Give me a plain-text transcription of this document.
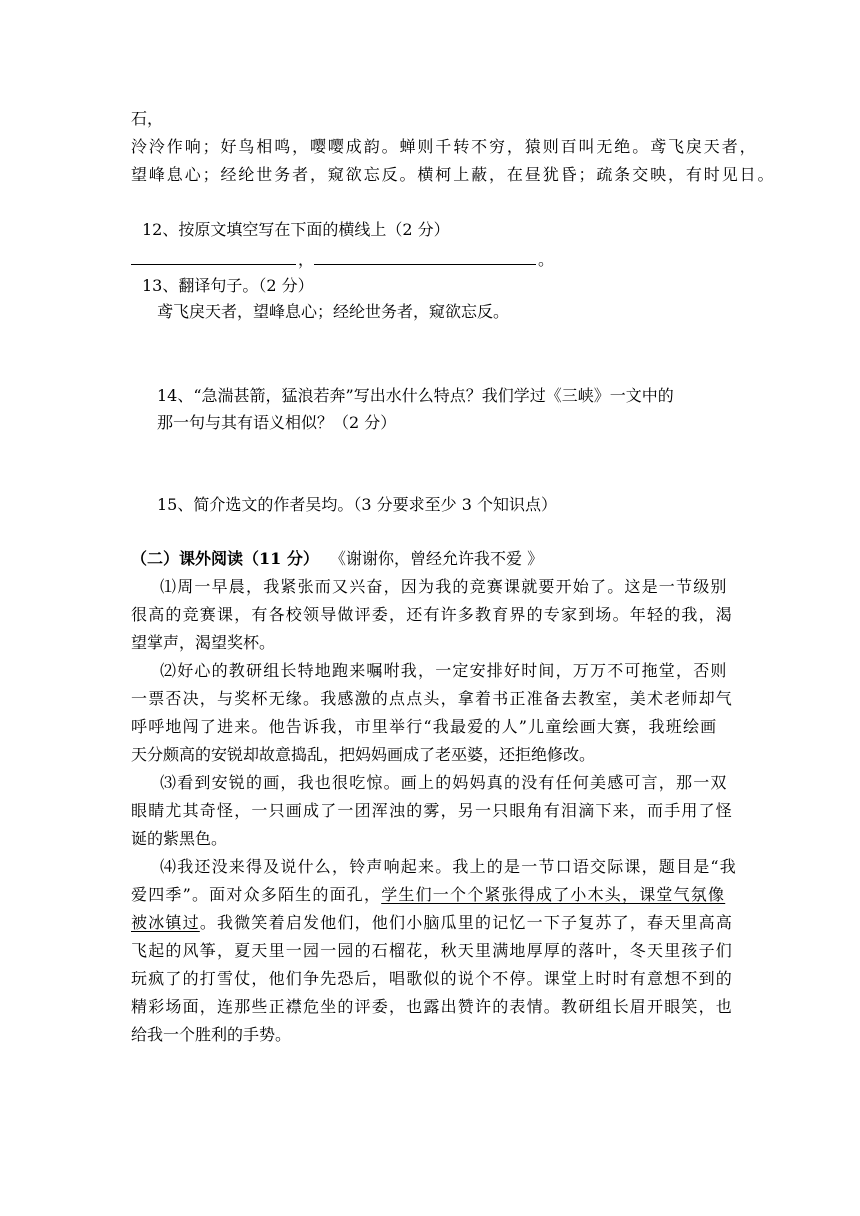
石，
泠泠作响；好鸟相鸣，嘤嘤成韵。蝉则千转不穷，猿则百叫无绝。鸢飞戾天者，
望峰息心；经纶世务者，窥欲忘反。横柯上蔽，在昼犹昏；疏条交映，有时见日。
12、按原文填空写在下面的横线上（2 分）
，	。
13、翻译句子。（2 分）
鸢飞戾天者，望峰息心；经纶世务者，窥欲忘反。
14、“急湍甚箭，猛浪若奔”写出水什么特点？我们学过《三峡》一文中的
那一句与其有语义相似？（2 分）
15、简介选文的作者吴均。（3 分要求至少 3 个知识点）
（二）课外阅读（11 分） 《谢谢你，曾经允许我不爱 》
⑴周一早晨，我紧张而又兴奋，因为我的竞赛课就要开始了。这是一节级别
很高的竞赛课，有各校领导做评委，还有许多教育界的专家到场。年轻的我，渴
望掌声，渴望奖杯。
⑵好心的教研组长特地跑来嘱咐我，一定安排好时间，万万不可拖堂，否则
一票否决，与奖杯无缘。我感激的点点头，拿着书正准备去教室，美术老师却气
呼呼地闯了进来。他告诉我，市里举行“我最爱的人”儿童绘画大赛，我班绘画
天分颇高的安锐却故意捣乱，把妈妈画成了老巫婆，还拒绝修改。
⑶看到安锐的画，我也很吃惊。画上的妈妈真的没有任何美感可言，那一双
眼睛尤其奇怪，一只画成了一团浑浊的雾，另一只眼角有泪滴下来，而手用了怪
诞的紫黑色。
⑷我还没来得及说什么，铃声响起来。我上的是一节口语交际课，题目是“我
爱四季”。面对众多陌生的面孔，学生们一个个紧张得成了小木头，课堂气氛像
被冰镇过。我微笑着启发他们，他们小脑瓜里的记忆一下子复苏了，春天里高高
飞起的风筝，夏天里一园一园的石榴花，秋天里满地厚厚的落叶，冬天里孩子们
玩疯了的打雪仗，他们争先恐后，唱歌似的说个不停。课堂上时时有意想不到的
精彩场面，连那些正襟危坐的评委，也露出赞许的表情。教研组长眉开眼笑，也
给我一个胜利的手势。
